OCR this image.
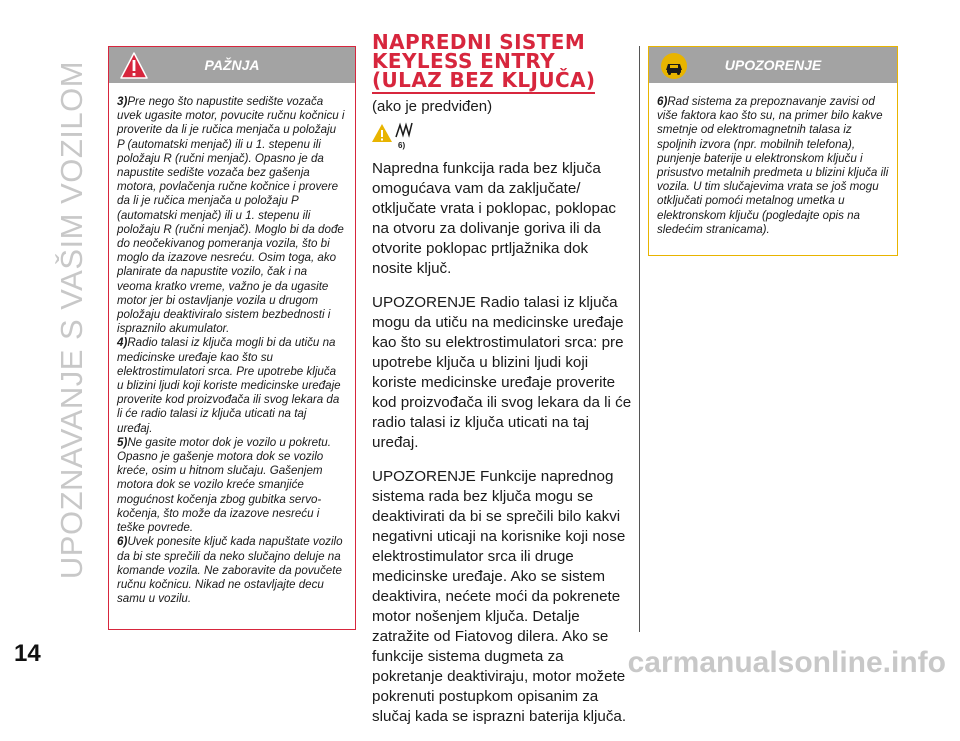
UPOZNAVANJE S VAŠIM VOZILOM
14	carmanualsonline.info
PAŽNJA

3)Pre nego što napustite sedište vozača uvek ugasite motor, povucite ručnu kočnicu i proverite da li je ručica menjača u položaju P (automatski menjač) ili u 1. stepenu ili položaju R (ručni menjač). Opasno je da napustite sedište vozača bez gašenja motora, povlačenja ručne kočnice i provere da li je ručica menjača u položaju P (automatski menjač) ili u 1. stepenu ili položaju R (ručni menjač). Moglo bi da dođe do neočekivanog pomeranja vozila, što bi moglo da izazove nesreću. Osim toga, ako planirate da napustite vozilo, čak i na veoma kratko vreme, važno je da ugasite motor jer bi ostavljanje vozila u drugom položaju deaktiviralo sistem bezbednosti i ispraznilo akumulator.

4)Radio talasi iz ključa mogli bi da utiču na medicinske uređaje kao što su elektrostimulatori srca. Pre upotrebe ključa u blizini ljudi koji koriste medicinske uređaje proverite kod proizvođača ili svog lekara da li će radio talasi iz ključa uticati na taj uređaj.

5)Ne gasite motor dok je vozilo u pokretu. Opasno je gašenje motora dok se vozilo kreće, osim u hitnom slučaju. Gašenjem motora dok se vozilo kreće smanjiće mogućnost kočenja zbog gubitka servo-kočenja, što može da izazove nesreću i teške povrede.

6)Uvek ponesite ključ kada napuštate vozilo da bi ste sprečili da neko slučajno deluje na komande vozila. Ne zaboravite da povučete ručnu kočnicu. Nikad ne ostavljajte decu samu u vozilu.

NAPREDNI SISTEM
KEYLESS ENTRY
(ULAZ BEZ KLJUČA)
(ako je predviđen)
6)

Napredna funkcija rada bez ključa omogućava vam da zaključate/ otključate vrata i poklopac, poklopac na otvoru za dolivanje goriva ili da otvorite poklopac prtljažnika dok nosite ključ.

UPOZORENJE Radio talasi iz ključa mogu da utiču na medicinske uređaje kao što su elektrostimulatori srca: pre upotrebe ključa u blizini ljudi koji koriste medicinske uređaje proverite kod proizvođača ili svog lekara da li će radio talasi iz ključa uticati na taj uređaj.

UPOZORENJE Funkcije naprednog sistema rada bez ključa mogu se deaktivirati da bi se sprečili bilo kakvi negativni uticaji na korisnike koji nose elektrostimulator srca ili druge medicinske uređaje. Ako se sistem deaktivira, nećete moći da pokrenete motor nošenjem ključa. Detalje zatražite od Fiatovog dilera. Ako se funkcije sistema dugmeta za pokretanje deaktiviraju, motor možete pokrenuti postupkom opisanim za slučaj kada se isprazni baterija ključa.

UPOZORENJE

6)Rad sistema za prepoznavanje zavisi od više faktora kao što su, na primer bilo kakve smetnje od elektromagnetnih talasa iz spoljnih izvora (npr. mobilnih telefona), punjenje baterije u elektronskom ključu i prisustvo metalnih predmeta u blizini ključa ili vozila. U tim slučajevima vrata se još mogu otključati pomoći metalnog umetka u elektronskom ključu (pogledajte opis na sledećim stranicama).
